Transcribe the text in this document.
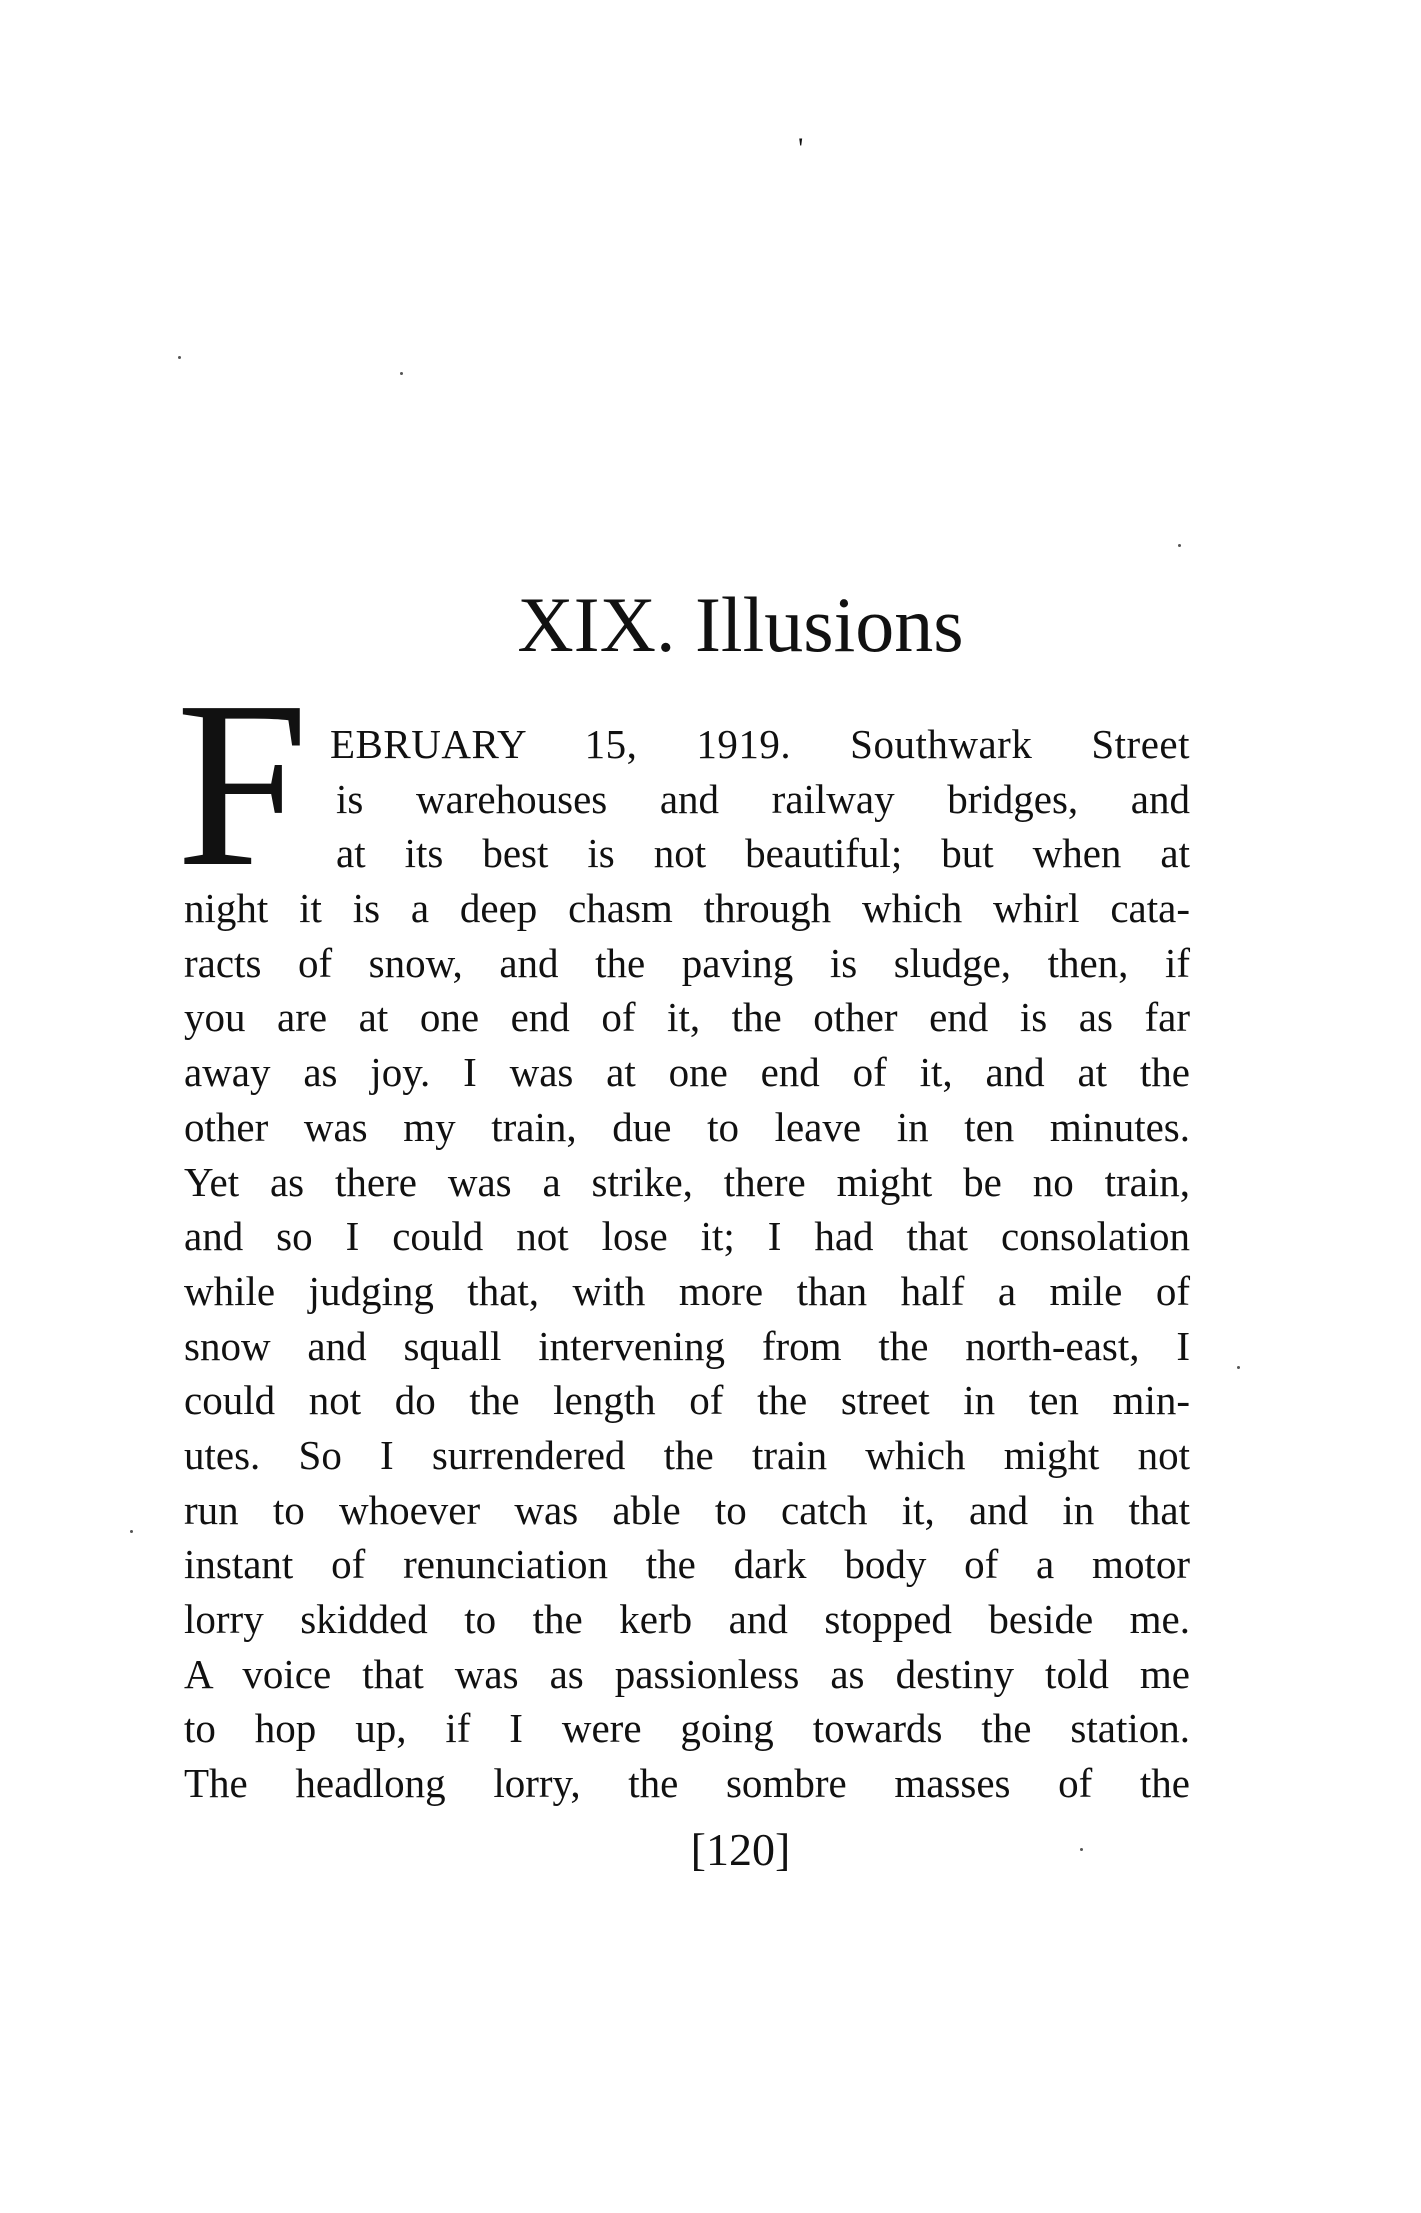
'
XIX. Illusions
F EBRUARY 15, 1919. Southwark Street
is warehouses and railway bridges, and
at its best is not beautiful; but when at
night it is a deep chasm through which whirl cata-
racts of snow, and the paving is sludge, then, if
you are at one end of it, the other end is as far
away as joy. I was at one end of it, and at the
other was my train, due to leave in ten minutes.
Yet as there was a strike, there might be no train,
and so I could not lose it; I had that consolation
while judging that, with more than half a mile of
snow and squall intervening from the north-east, I
could not do the length of the street in ten min-
utes. So I surrendered the train which might not
run to whoever was able to catch it, and in that
instant of renunciation the dark body of a motor
lorry skidded to the kerb and stopped beside me.
A voice that was as passionless as destiny told me
to hop up, if I were going towards the station.
The headlong lorry, the sombre masses of the
[120]
